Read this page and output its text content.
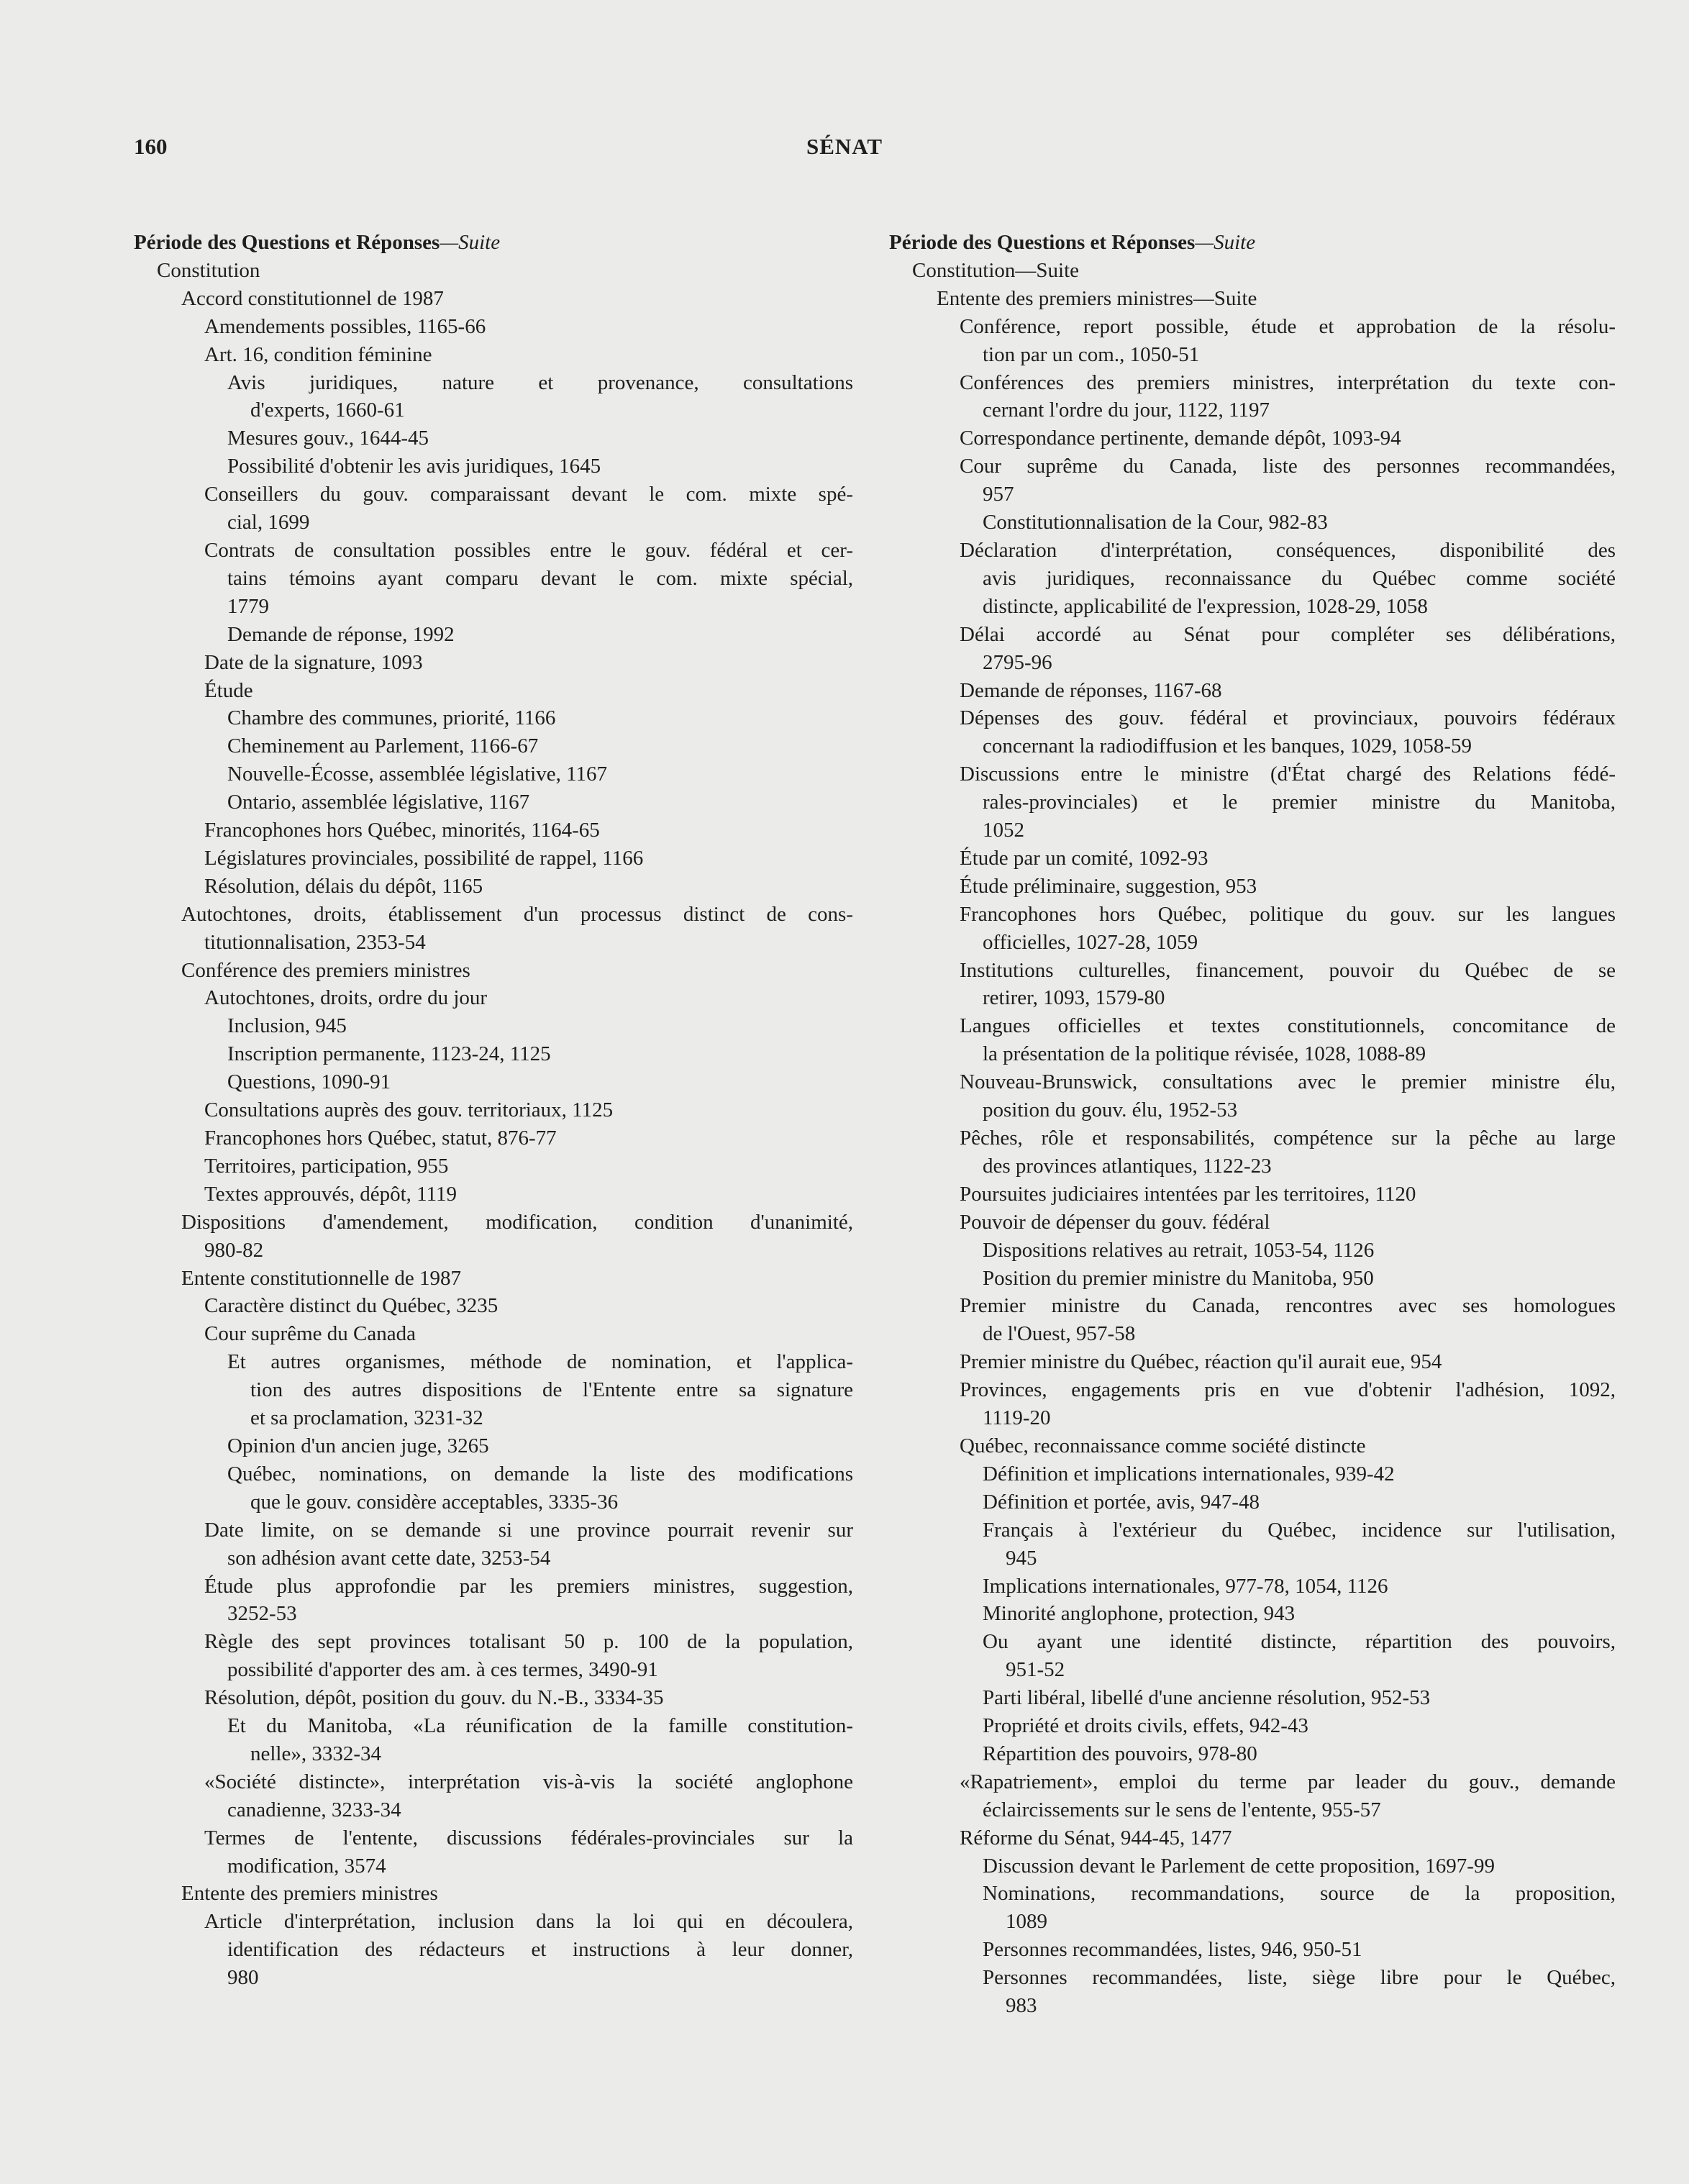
160	SÉNAT
Période des Questions et Réponses—Suite
Constitution
Accord constitutionnel de 1987
Amendements possibles, 1165-66
Art. 16, condition féminine
Avis juridiques, nature et provenance, consultations
d'experts, 1660-61
Mesures gouv., 1644-45
Possibilité d'obtenir les avis juridiques, 1645
Conseillers du gouv. comparaissant devant le com. mixte spé-
cial, 1699
Contrats de consultation possibles entre le gouv. fédéral et cer-
tains témoins ayant comparu devant le com. mixte spécial,
1779
Demande de réponse, 1992
Date de la signature, 1093
Étude
Chambre des communes, priorité, 1166
Cheminement au Parlement, 1166-67
Nouvelle-Écosse, assemblée législative, 1167
Ontario, assemblée législative, 1167
Francophones hors Québec, minorités, 1164-65
Législatures provinciales, possibilité de rappel, 1166
Résolution, délais du dépôt, 1165
Autochtones, droits, établissement d'un processus distinct de cons-
titutionnalisation, 2353-54
Conférence des premiers ministres
Autochtones, droits, ordre du jour
Inclusion, 945
Inscription permanente, 1123-24, 1125
Questions, 1090-91
Consultations auprès des gouv. territoriaux, 1125
Francophones hors Québec, statut, 876-77
Territoires, participation, 955
Textes approuvés, dépôt, 1119
Dispositions d'amendement, modification, condition d'unanimité,
980-82
Entente constitutionnelle de 1987
Caractère distinct du Québec, 3235
Cour suprême du Canada
Et autres organismes, méthode de nomination, et l'applica-
tion des autres dispositions de l'Entente entre sa signature
et sa proclamation, 3231-32
Opinion d'un ancien juge, 3265
Québec, nominations, on demande la liste des modifications
que le gouv. considère acceptables, 3335-36
Date limite, on se demande si une province pourrait revenir sur
son adhésion avant cette date, 3253-54
Étude plus approfondie par les premiers ministres, suggestion,
3252-53
Règle des sept provinces totalisant 50 p. 100 de la population,
possibilité d'apporter des am. à ces termes, 3490-91
Résolution, dépôt, position du gouv. du N.-B., 3334-35
Et du Manitoba, «La réunification de la famille constitution-
nelle», 3332-34
«Société distincte», interprétation vis-à-vis la société anglophone
canadienne, 3233-34
Termes de l'entente, discussions fédérales-provinciales sur la
modification, 3574
Entente des premiers ministres
Article d'interprétation, inclusion dans la loi qui en découlera,
identification des rédacteurs et instructions à leur donner,
980
Période des Questions et Réponses—Suite
Constitution—Suite
Entente des premiers ministres—Suite
Conférence, report possible, étude et approbation de la résolu-
tion par un com., 1050-51
Conférences des premiers ministres, interprétation du texte con-
cernant l'ordre du jour, 1122, 1197
Correspondance pertinente, demande dépôt, 1093-94
Cour suprême du Canada, liste des personnes recommandées,
957
Constitutionnalisation de la Cour, 982-83
Déclaration d'interprétation, conséquences, disponibilité des
avis juridiques, reconnaissance du Québec comme société
distincte, applicabilité de l'expression, 1028-29, 1058
Délai accordé au Sénat pour compléter ses délibérations,
2795-96
Demande de réponses, 1167-68
Dépenses des gouv. fédéral et provinciaux, pouvoirs fédéraux
concernant la radiodiffusion et les banques, 1029, 1058-59
Discussions entre le ministre (d'État chargé des Relations fédé-
rales-provinciales) et le premier ministre du Manitoba,
1052
Étude par un comité, 1092-93
Étude préliminaire, suggestion, 953
Francophones hors Québec, politique du gouv. sur les langues
officielles, 1027-28, 1059
Institutions culturelles, financement, pouvoir du Québec de se
retirer, 1093, 1579-80
Langues officielles et textes constitutionnels, concomitance de
la présentation de la politique révisée, 1028, 1088-89
Nouveau-Brunswick, consultations avec le premier ministre élu,
position du gouv. élu, 1952-53
Pêches, rôle et responsabilités, compétence sur la pêche au large
des provinces atlantiques, 1122-23
Poursuites judiciaires intentées par les territoires, 1120
Pouvoir de dépenser du gouv. fédéral
Dispositions relatives au retrait, 1053-54, 1126
Position du premier ministre du Manitoba, 950
Premier ministre du Canada, rencontres avec ses homologues
de l'Ouest, 957-58
Premier ministre du Québec, réaction qu'il aurait eue, 954
Provinces, engagements pris en vue d'obtenir l'adhésion, 1092,
1119-20
Québec, reconnaissance comme société distincte
Définition et implications internationales, 939-42
Définition et portée, avis, 947-48
Français à l'extérieur du Québec, incidence sur l'utilisation,
945
Implications internationales, 977-78, 1054, 1126
Minorité anglophone, protection, 943
Ou ayant une identité distincte, répartition des pouvoirs,
951-52
Parti libéral, libellé d'une ancienne résolution, 952-53
Propriété et droits civils, effets, 942-43
Répartition des pouvoirs, 978-80
«Rapatriement», emploi du terme par leader du gouv., demande
éclaircissements sur le sens de l'entente, 955-57
Réforme du Sénat, 944-45, 1477
Discussion devant le Parlement de cette proposition, 1697-99
Nominations, recommandations, source de la proposition,
1089
Personnes recommandées, listes, 946, 950-51
Personnes recommandées, liste, siège libre pour le Québec,
983
